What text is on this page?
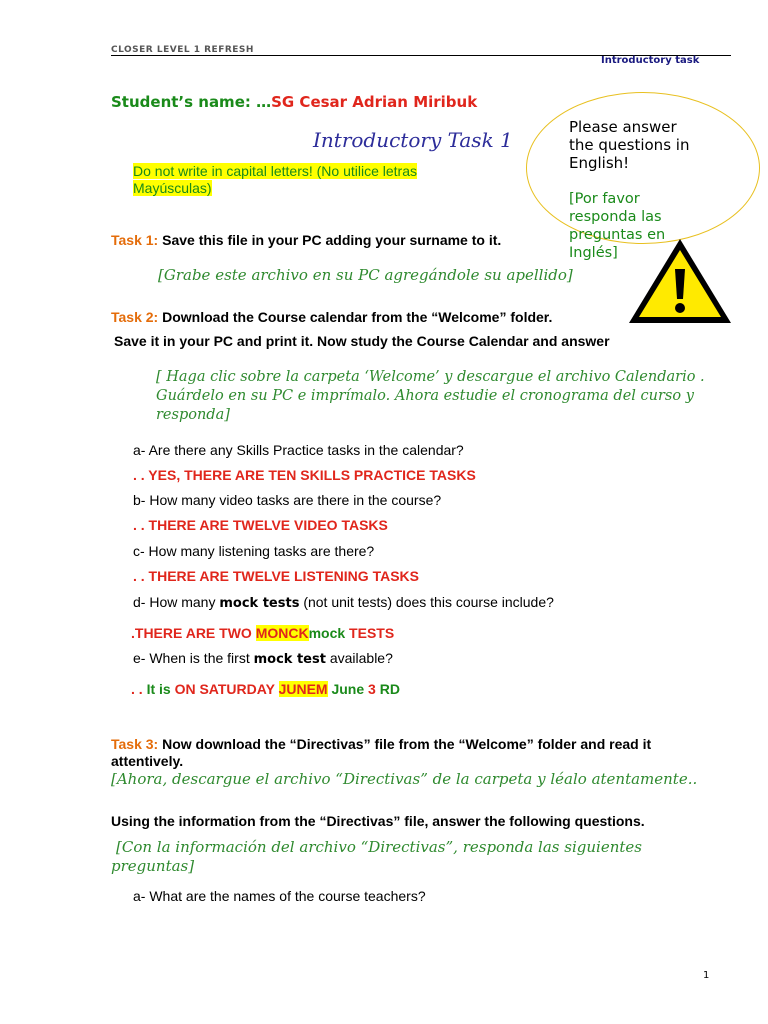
CLOSER LEVEL 1 REFRESH
Introductory task
Student’s name: …SG Cesar Adrian Miribuk
Introductory Task 1
Do not write in capital letters! (No utilice letras
Mayúsculas)
Please answer
the questions in
English!
[Por favor
responda las
preguntas en
Inglés]
Task 1: Save this file in your PC adding your surname to it.
[Grabe este archivo en su PC agregándole su apellido]
Task 2: Download the Course calendar from the “Welcome” folder.
Save it in your PC and print it. Now study the Course Calendar and answer
[ Haga clic sobre la carpeta ‘Welcome’ y descargue el archivo Calendario .
Guárdelo en su PC e imprímalo. Ahora estudie el cronograma del curso y
responda]
a- Are there any Skills Practice tasks in the calendar?
. . YES, THERE ARE TEN SKILLS PRACTICE TASKS
b- How many video tasks are there in the course?
. . THERE ARE TWELVE VIDEO TASKS
c- How many listening tasks are there?
. . THERE ARE TWELVE LISTENING TASKS
d- How many mock tests (not unit tests) does this course include?
.THERE ARE TWO MONCKmock TESTS
e- When is the first mock test available?
. . It is ON SATURDAY JUNEM June 3 RD
Task 3: Now download the “Directivas” file from the “Welcome” folder and read it
attentively.
[Ahora, descargue el archivo “Directivas” de la carpeta y léalo atentamente..
Using the information from the “Directivas” file, answer the following questions.
[Con la información del archivo “Directivas”, responda las siguientes
preguntas]
a- What are the names of the course teachers?
1
